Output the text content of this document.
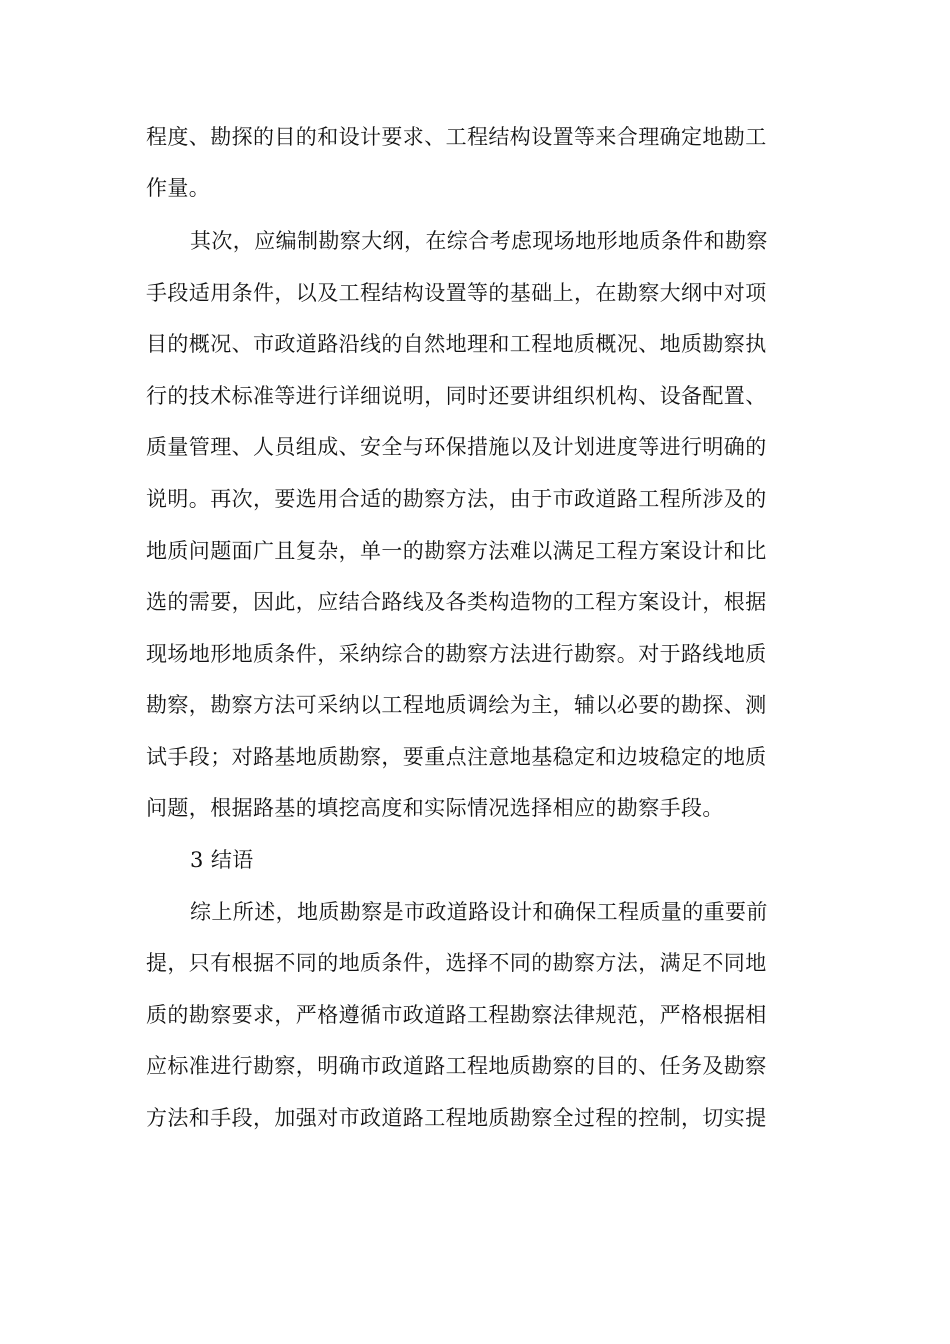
程度、勘探的目的和设计要求、工程结构设置等来合理确定地勘工
作量。
其次，应编制勘察大纲，在综合考虑现场地形地质条件和勘察
手段适用条件，以及工程结构设置等的基础上，在勘察大纲中对项
目的概况、市政道路沿线的自然地理和工程地质概况、地质勘察执
行的技术标准等进行详细说明，同时还要讲组织机构、设备配置、
质量管理、人员组成、安全与环保措施以及计划进度等进行明确的
说明。再次，要选用合适的勘察方法，由于市政道路工程所涉及的
地质问题面广且复杂，单一的勘察方法难以满足工程方案设计和比
选的需要，因此，应结合路线及各类构造物的工程方案设计，根据
现场地形地质条件，采纳综合的勘察方法进行勘察。对于路线地质
勘察，勘察方法可采纳以工程地质调绘为主，辅以必要的勘探、测
试手段；对路基地质勘察，要重点注意地基稳定和边坡稳定的地质
问题，根据路基的填挖高度和实际情况选择相应的勘察手段。
3 结语
综上所述，地质勘察是市政道路设计和确保工程质量的重要前
提，只有根据不同的地质条件，选择不同的勘察方法，满足不同地
质的勘察要求，严格遵循市政道路工程勘察法律规范，严格根据相
应标准进行勘察，明确市政道路工程地质勘察的目的、任务及勘察
方法和手段，加强对市政道路工程地质勘察全过程的控制，切实提
